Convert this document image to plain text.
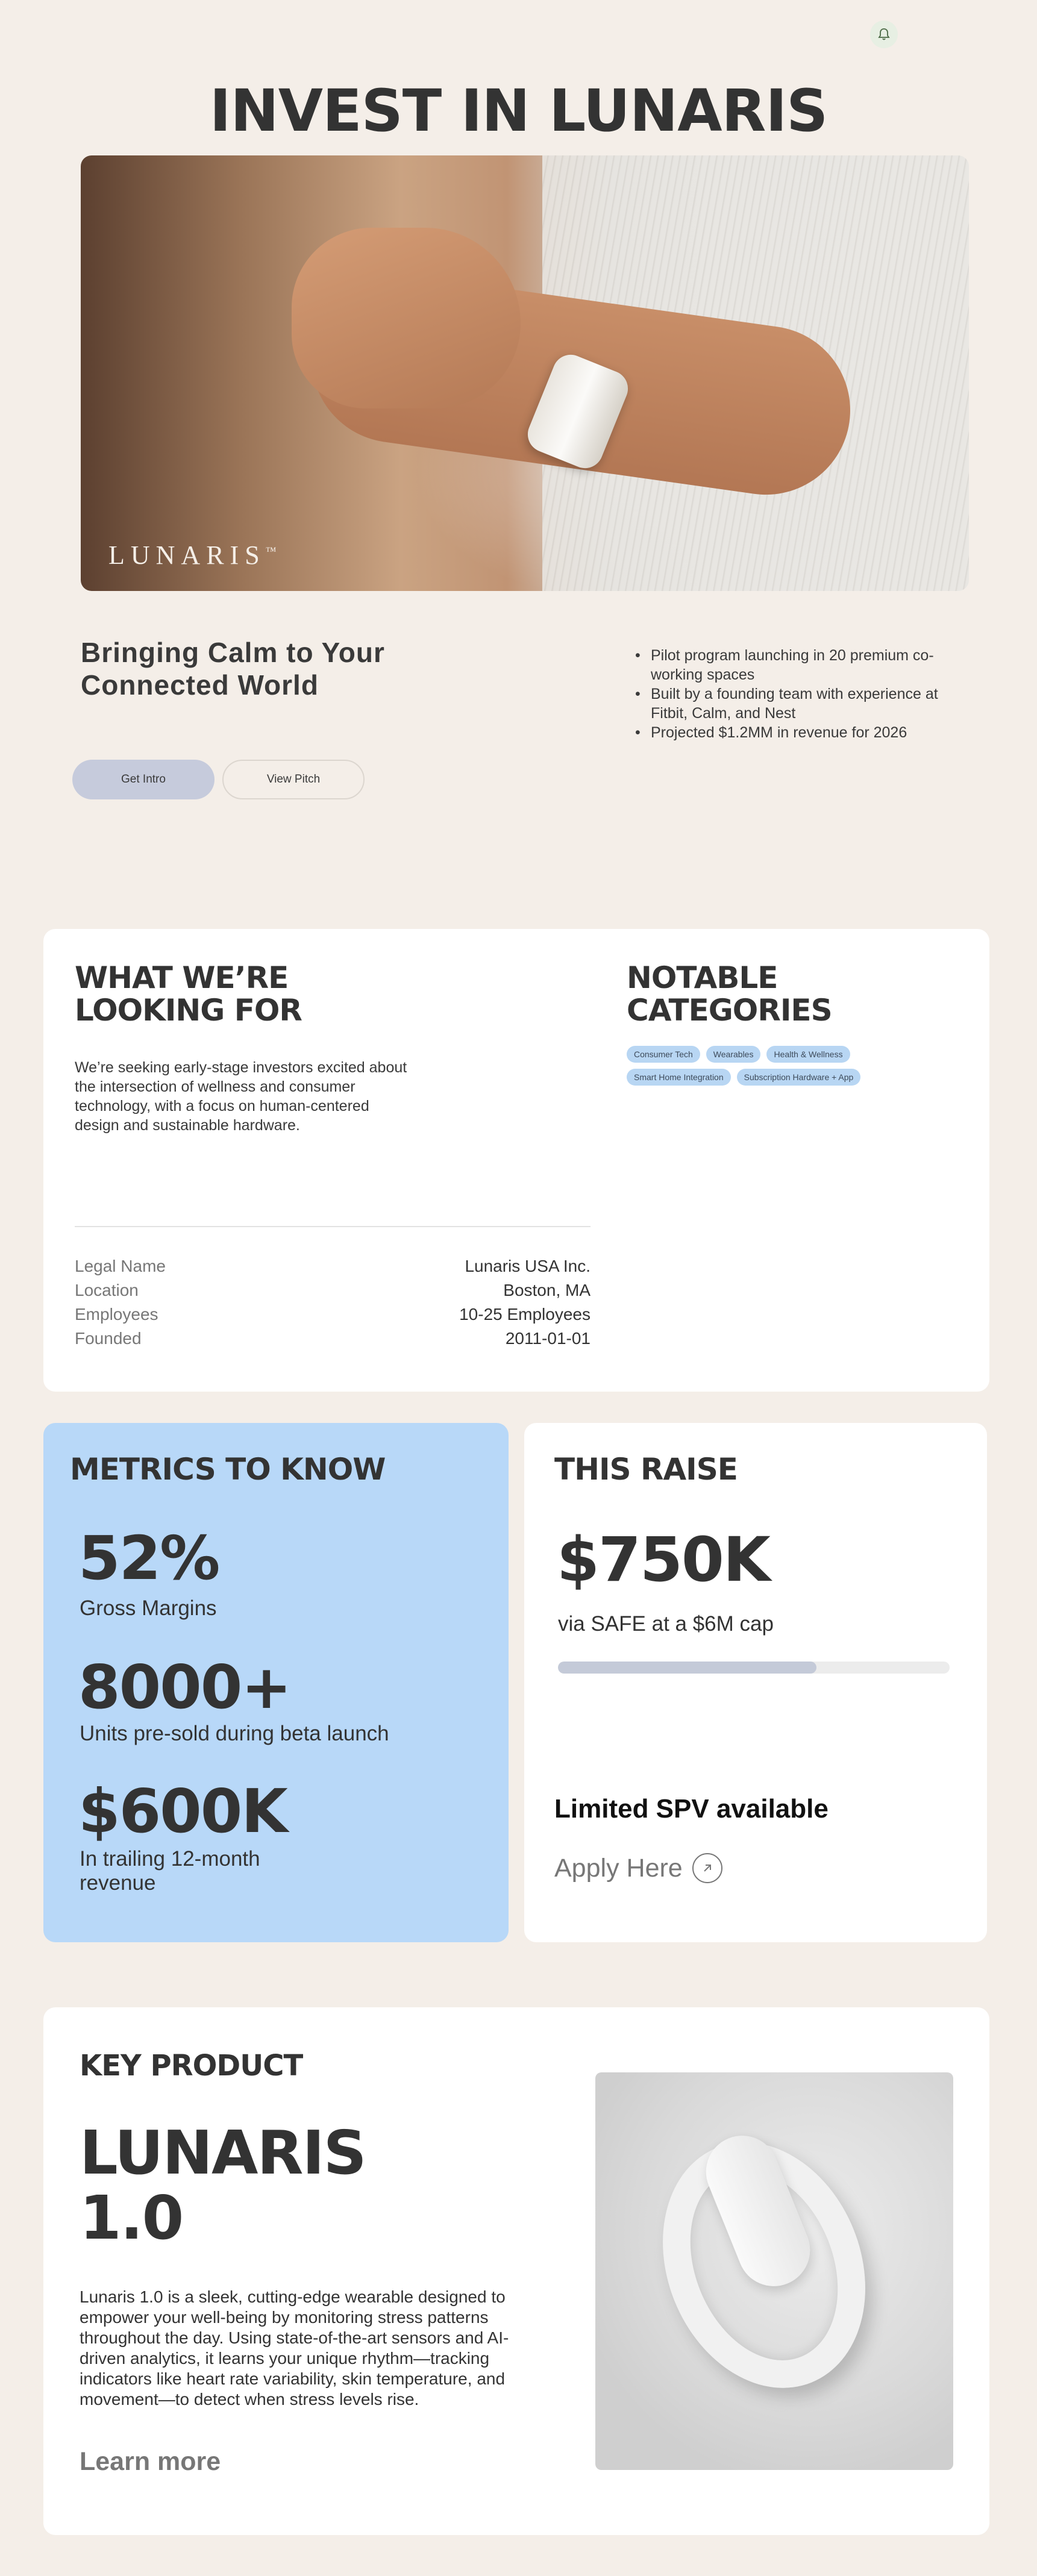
INVEST IN LUNARIS
LUNARIS™
Bringing Calm to Your Connected World
• Pilot program launching in 20 premium co-working spaces
• Built by a founding team with experience at Fitbit, Calm, and Nest
• Projected $1.2MM in revenue for 2026
Get Intro	View Pitch
WHAT WE’RE LOOKING FOR
NOTABLE CATEGORIES

We’re seeking early-stage investors excited about the intersection of wellness and consumer technology, with a focus on human-centered design and sustainable hardware.

Consumer Tech	Wearables	Health & Wellness
Smart Home Integration	Subscription Hardware + App
Legal Name	Lunaris USA Inc.
Location	Boston, MA
Employees	10-25 Employees
Founded	2011-01-01
METRICS TO KNOW
52%
Gross Margins
8000+
Units pre-sold during beta launch
$600K
In trailing 12-month revenue
THIS RAISE
$750K
via SAFE at a $6M cap
Limited SPV available
Apply Here
KEY PRODUCT
LUNARIS
1.0

Lunaris 1.0 is a sleek, cutting-edge wearable designed to empower your well-being by monitoring stress patterns throughout the day. Using state-of-the-art sensors and AI-driven analytics, it learns your unique rhythm—tracking indicators like heart rate variability, skin temperature, and movement—to detect when stress levels rise.

Learn more
